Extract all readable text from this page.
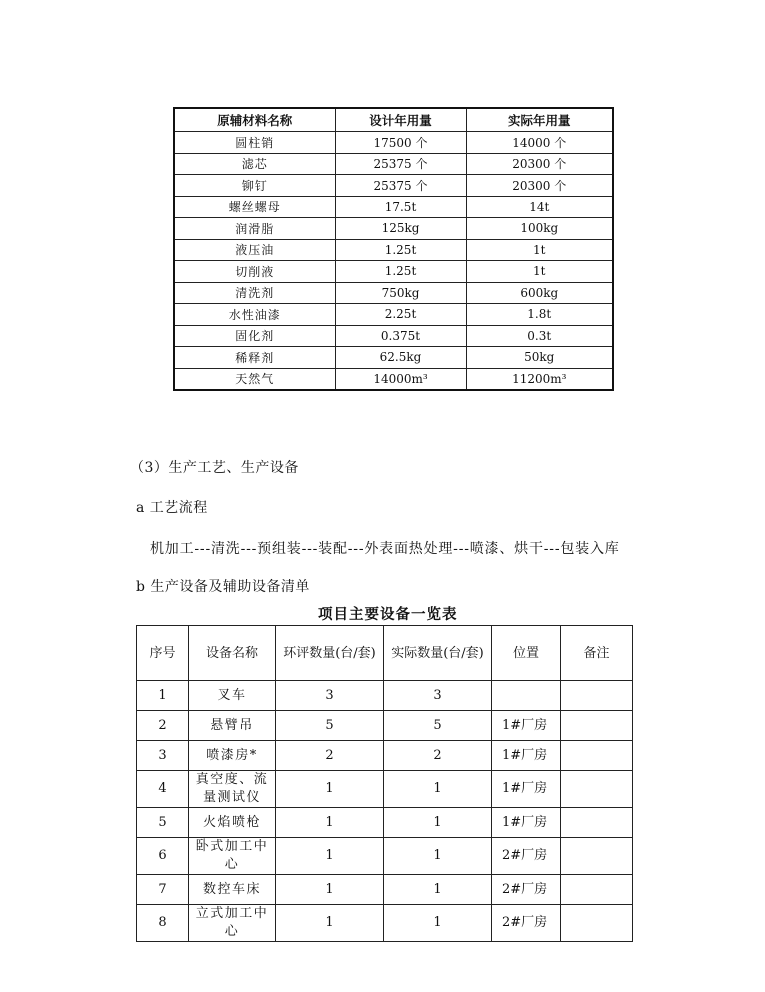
原辅材料名称	设计年用量	实际年用量
圆柱销	17500 个	14000 个
滤芯	25375 个	20300 个
铆钉	25375 个	20300 个
螺丝螺母	17.5t	14t
润滑脂	125kg	100kg
液压油	1.25t	1t
切削液	1.25t	1t
清洗剂	750kg	600kg
水性油漆	2.25t	1.8t
固化剂	0.375t	0.3t
稀释剂	62.5kg	50kg
天然气	14000m³	11200m³
（3）生产工艺、生产设备
a 工艺流程
机加工---清洗---预组装---装配---外表面热处理---喷漆、烘干---包装入库
b 生产设备及辅助设备清单
项目主要设备一览表
序号	设备名称	环评数量(台/套)	实际数量(台/套)	位置	备注
1	叉车	3	3		
2	悬臂吊	5	5	1#厂房	
3	喷漆房*	2	2	1#厂房	
4	真空度、流量测试仪	1	1	1#厂房	
5	火焰喷枪	1	1	1#厂房	
6	卧式加工中心	1	1	2#厂房	
7	数控车床	1	1	2#厂房	
8	立式加工中心	1	1	2#厂房	
